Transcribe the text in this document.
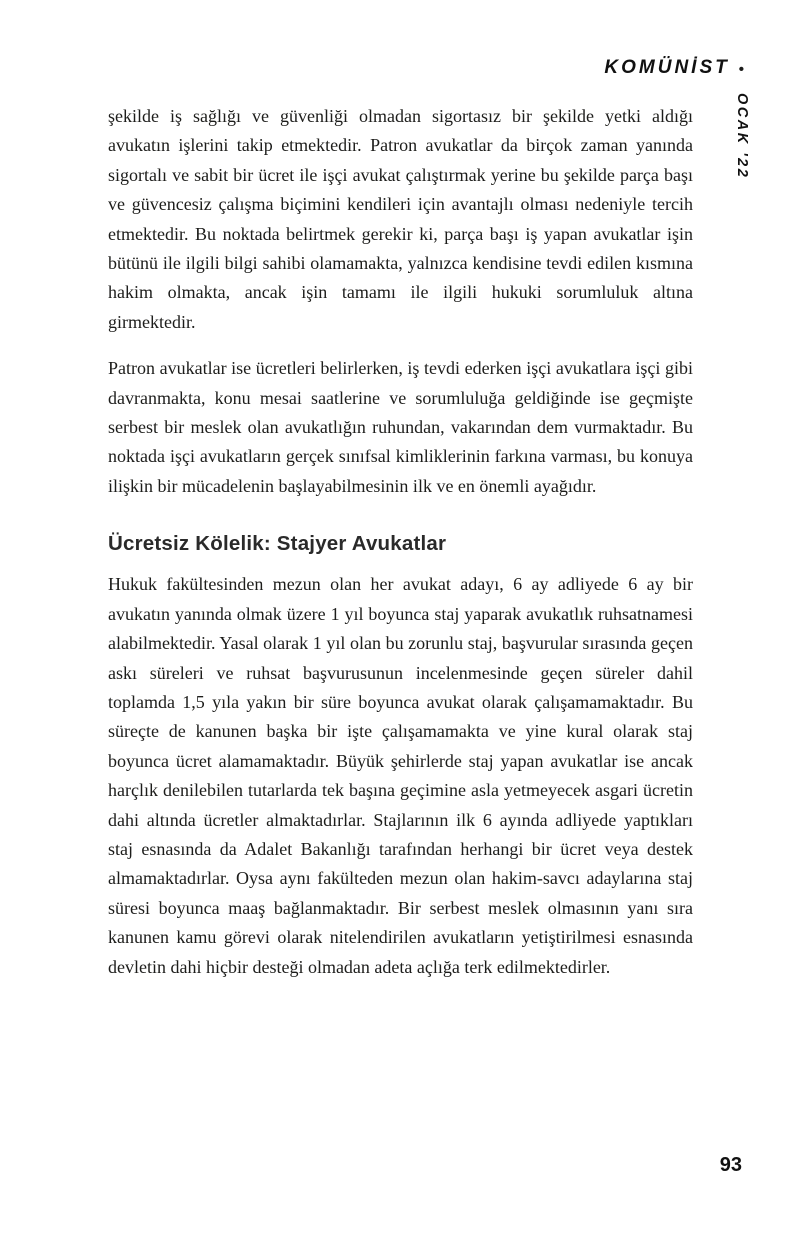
KOMÜNİST •
OCAK '22

şekilde iş sağlığı ve güvenliği olmadan sigortasız bir şekilde yetki aldığı avukatın işlerini takip etmektedir. Patron avukatlar da birçok zaman yanında sigortalı ve sabit bir ücret ile işçi avukat çalıştırmak yerine bu şekilde parça başı ve güvencesiz çalışma biçimini kendileri için avantajlı olması nedeniyle tercih etmektedir. Bu noktada belirtmek gerekir ki, parça başı iş yapan avukatlar işin bütünü ile ilgili bilgi sahibi olamamakta, yalnızca kendisine tevdi edilen kısmına hakim olmakta, ancak işin tamamı ile ilgili hukuki sorumluluk altına girmektedir.

Patron avukatlar ise ücretleri belirlerken, iş tevdi ederken işçi avukatlara işçi gibi davranmakta, konu mesai saatlerine ve sorumluluğa geldiğinde ise geçmişte serbest bir meslek olan avukatlığın ruhundan, vakarından dem vurmaktadır. Bu noktada işçi avukatların gerçek sınıfsal kimliklerinin farkına varması, bu konuya ilişkin bir mücadelenin başlayabilmesinin ilk ve en önemli ayağıdır.

Ücretsiz Kölelik: Stajyer Avukatlar

Hukuk fakültesinden mezun olan her avukat adayı, 6 ay adliyede 6 ay bir avukatın yanında olmak üzere 1 yıl boyunca staj yaparak avukatlık ruhsatnamesi alabilmektedir. Yasal olarak 1 yıl olan bu zorunlu staj, başvurular sırasında geçen askı süreleri ve ruhsat başvurusunun incelenmesinde geçen süreler dahil toplamda 1,5 yıla yakın bir süre boyunca avukat olarak çalışamamaktadır. Bu süreçte de kanunen başka bir işte çalışamamakta ve yine kural olarak staj boyunca ücret alamamaktadır. Büyük şehirlerde staj yapan avukatlar ise ancak harçlık denilebilen tutarlarda tek başına geçimine asla yetmeyecek asgari ücretin dahi altında ücretler almaktadırlar. Stajlarının ilk 6 ayında adliyede yaptıkları staj esnasında da Adalet Bakanlığı tarafından herhangi bir ücret veya destek almamaktadırlar. Oysa aynı fakülteden mezun olan hakim-savcı adaylarına staj süresi boyunca maaş bağlanmaktadır. Bir serbest meslek olmasının yanı sıra kanunen kamu görevi olarak nitelendirilen avukatların yetiştirilmesi esnasında devletin dahi hiçbir desteği olmadan adeta açlığa terk edilmektedirler.

93
